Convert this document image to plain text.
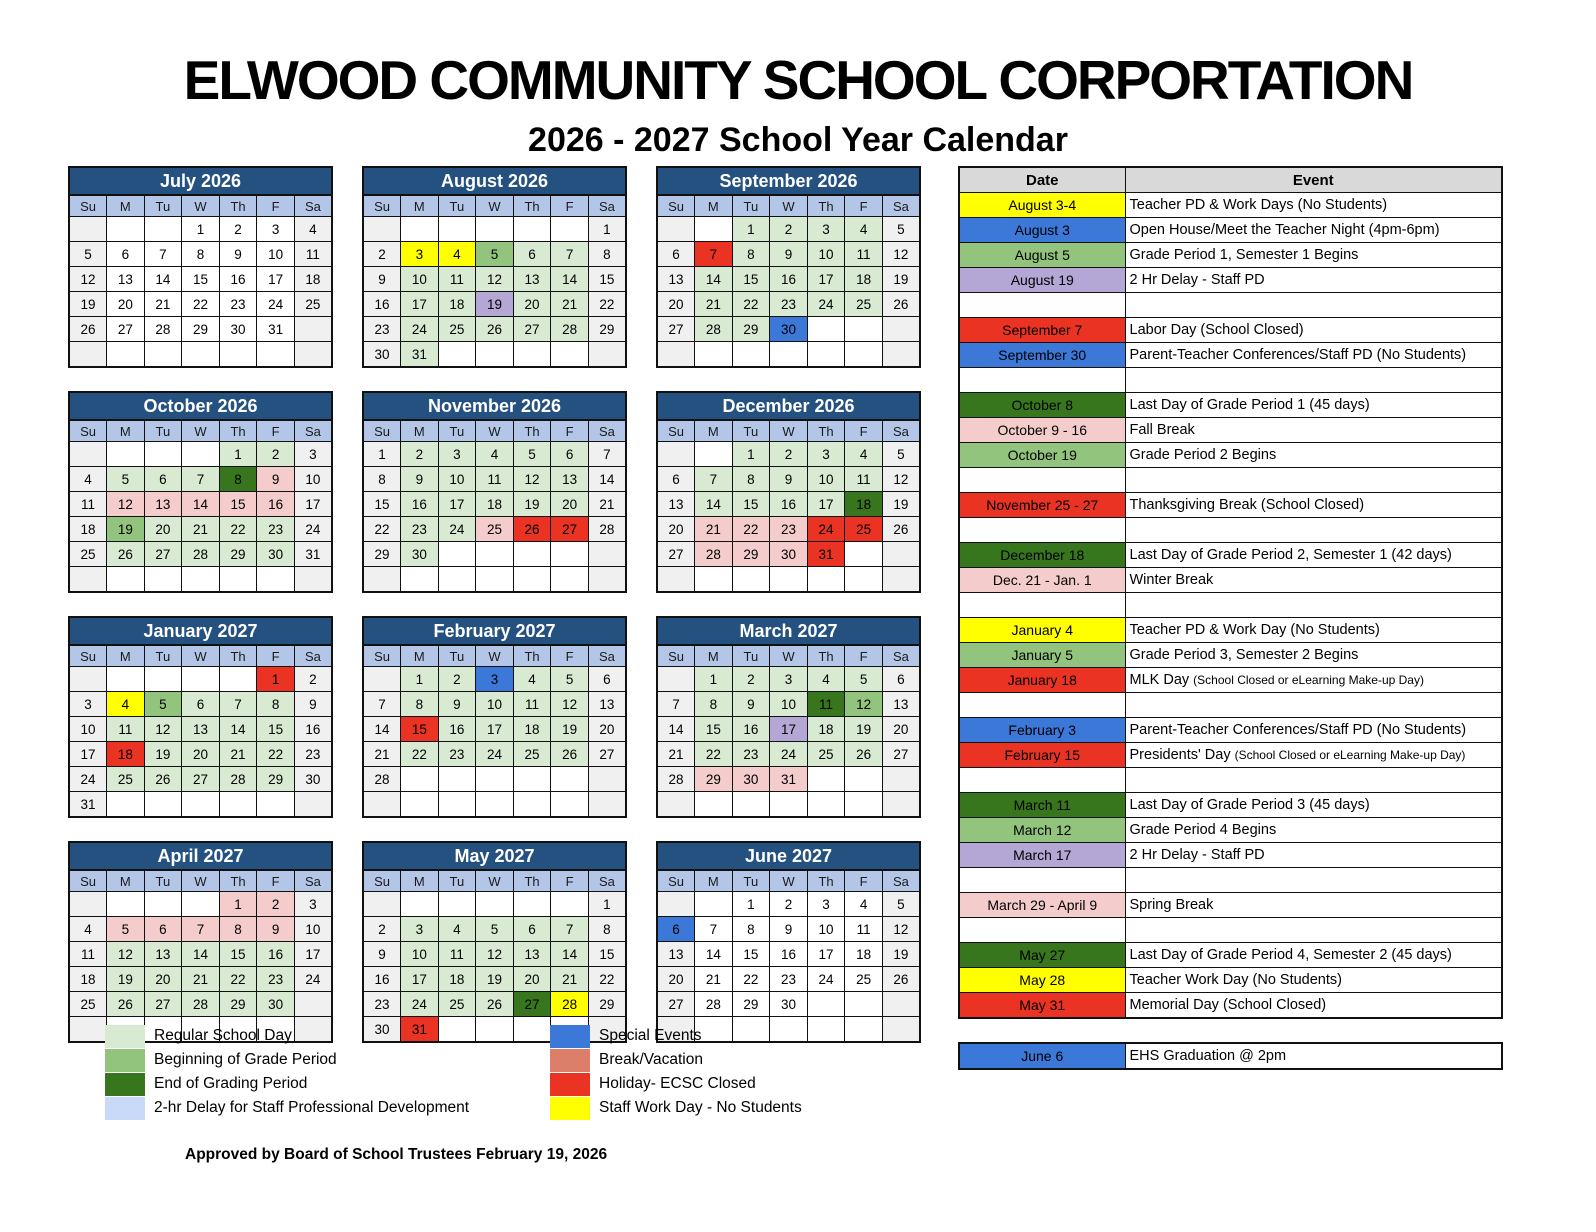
ELWOOD COMMUNITY SCHOOL CORPORTATION
2026 - 2027 School Year Calendar
July 2026						
Su	M	Tu	W	Th	F	Sa
			1	2	3	4
5	6	7	8	9	10	11
12	13	14	15	16	17	18
19	20	21	22	23	24	25
26	27	28	29	30	31	

August 2026						
Su	M	Tu	W	Th	F	Sa
						1
2	3	4	5	6	7	8
9	10	11	12	13	14	15
16	17	18	19	20	21	22
23	24	25	26	27	28	29
30	31					
September 2026						
Su	M	Tu	W	Th	F	Sa
		1	2	3	4	5
6	7	8	9	10	11	12
13	14	15	16	17	18	19
20	21	22	23	24	25	26
27	28	29	30			

October 2026						
Su	M	Tu	W	Th	F	Sa
				1	2	3
4	5	6	7	8	9	10
11	12	13	14	15	16	17
18	19	20	21	22	23	24
25	26	27	28	29	30	31

November 2026						
Su	M	Tu	W	Th	F	Sa
1	2	3	4	5	6	7
8	9	10	11	12	13	14
15	16	17	18	19	20	21
22	23	24	25	26	27	28
29	30					

December 2026						
Su	M	Tu	W	Th	F	Sa
		1	2	3	4	5
6	7	8	9	10	11	12
13	14	15	16	17	18	19
20	21	22	23	24	25	26
27	28	29	30	31		

January 2027						
Su	M	Tu	W	Th	F	Sa
					1	2
3	4	5	6	7	8	9
10	11	12	13	14	15	16
17	18	19	20	21	22	23
24	25	26	27	28	29	30
31						
February 2027						
Su	M	Tu	W	Th	F	Sa
	1	2	3	4	5	6
7	8	9	10	11	12	13
14	15	16	17	18	19	20
21	22	23	24	25	26	27
28						

March 2027						
Su	M	Tu	W	Th	F	Sa
	1	2	3	4	5	6
7	8	9	10	11	12	13
14	15	16	17	18	19	20
21	22	23	24	25	26	27
28	29	30	31			

April 2027						
Su	M	Tu	W	Th	F	Sa
				1	2	3
4	5	6	7	8	9	10
11	12	13	14	15	16	17
18	19	20	21	22	23	24
25	26	27	28	29	30	

May 2027						
Su	M	Tu	W	Th	F	Sa
						1
2	3	4	5	6	7	8
9	10	11	12	13	14	15
16	17	18	19	20	21	22
23	24	25	26	27	28	29
30	31					
June 2027						
Su	M	Tu	W	Th	F	Sa
		1	2	3	4	5
6	7	8	9	10	11	12
13	14	15	16	17	18	19
20	21	22	23	24	25	26
27	28	29	30			

Date	Event
August 3-4	Teacher PD & Work Days (No Students)
August 3	Open House/Meet the Teacher Night (4pm-6pm)
August 5	Grade Period 1, Semester 1 Begins
August 19	2 Hr Delay - Staff PD

September 7	Labor Day (School Closed)
September 30	Parent-Teacher Conferences/Staff PD (No Students)

October 8	Last Day of Grade Period 1 (45 days)
October 9 - 16	Fall Break
October 19	Grade Period 2 Begins

November 25 - 27	Thanksgiving Break (School Closed)

December 18	Last Day of Grade Period 2, Semester 1 (42 days)
Dec. 21 - Jan. 1	Winter Break

January 4	Teacher PD & Work Day (No Students)
January 5	Grade Period 3, Semester 2 Begins
January 18	MLK Day (School Closed or eLearning Make-up Day)

February 3	Parent-Teacher Conferences/Staff PD (No Students)
February 15	Presidents' Day (School Closed or eLearning Make-up Day)

March 11	Last Day of Grade Period 3 (45 days)
March 12	Grade Period 4 Begins
March 17	2 Hr Delay - Staff PD

March 29 - April 9	Spring Break

May 27	Last Day of Grade Period 4, Semester 2 (45 days)
May 28	Teacher Work Day (No Students)
May 31	Memorial Day (School Closed)
June 6	EHS Graduation @ 2pm
Regular School Day
Beginning of Grade Period
End of Grading Period
2-hr Delay for Staff Professional Development
Special Events
Break/Vacation
Holiday- ECSC Closed
Staff Work Day - No Students
Approved by Board of School Trustees February 19, 2026
